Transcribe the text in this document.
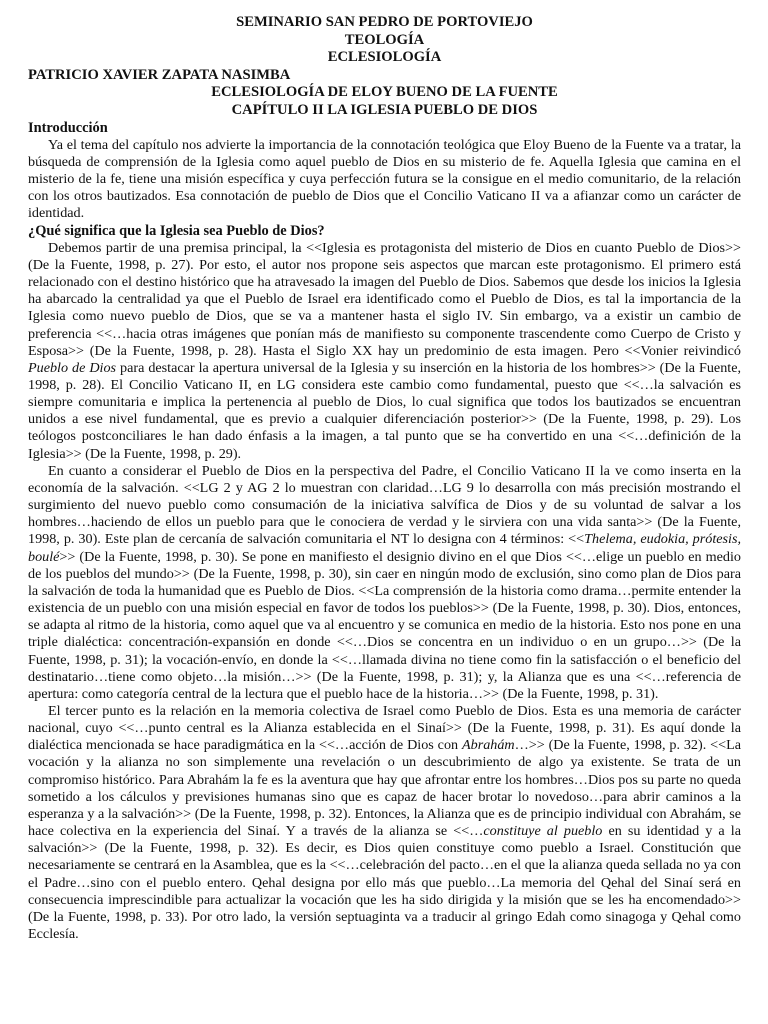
SEMINARIO SAN PEDRO DE PORTOVIEJO

TEOLOGÍA

ECLESIOLOGÍA

PATRICIO XAVIER ZAPATA NASIMBA

ECLESIOLOGÍA DE ELOY BUENO DE LA FUENTE

CAPÍTULO II LA IGLESIA PUEBLO DE DIOS

Introducción

Ya el tema del capítulo nos advierte la importancia de la connotación teológica que Eloy Bueno de la Fuente va a tratar, la búsqueda de comprensión de la Iglesia como aquel pueblo de Dios en su misterio de fe. Aquella Iglesia que camina en el misterio de la fe, tiene una misión específica y cuya perfección futura se la consigue en el medio comunitario, de la relación con los otros bautizados. Esa connotación de pueblo de Dios que el Concilio Vaticano II va a afianzar como un carácter de identidad.

¿Qué significa que la Iglesia sea Pueblo de Dios?

Debemos partir de una premisa principal, la <<Iglesia es protagonista del misterio de Dios en cuanto Pueblo de Dios>> (De la Fuente, 1998, p. 27). Por esto, el autor nos propone seis aspectos que marcan este protagonismo. El primero está relacionado con el destino histórico que ha atravesado la imagen del Pueblo de Dios. Sabemos que desde los inicios la Iglesia ha abarcado la centralidad ya que el Pueblo de Israel era identificado como el Pueblo de Dios, es tal la importancia de la Iglesia como nuevo pueblo de Dios, que se va a mantener hasta el siglo IV. Sin embargo, va a existir un cambio de preferencia <<…hacia otras imágenes que ponían más de manifiesto su componente trascendente como Cuerpo de Cristo y Esposa>> (De la Fuente, 1998, p. 28). Hasta el Siglo XX hay un predominio de esta imagen. Pero <<Vonier reivindicó Pueblo de Dios para destacar la apertura universal de la Iglesia y su inserción en la historia de los hombres>> (De la Fuente, 1998, p. 28). El Concilio Vaticano II, en LG considera este cambio como fundamental, puesto que <<…la salvación es siempre comunitaria e implica la pertenencia al pueblo de Dios, lo cual significa que todos los bautizados se encuentran unidos a ese nivel fundamental, que es previo a cualquier diferenciación posterior>> (De la Fuente, 1998, p. 29). Los teólogos postconciliares le han dado énfasis a la imagen, a tal punto que se ha convertido en una <<…definición de la Iglesia>> (De la Fuente, 1998, p. 29).

En cuanto a considerar el Pueblo de Dios en la perspectiva del Padre, el Concilio Vaticano II la ve como inserta en la economía de la salvación. <<LG 2 y AG 2 lo muestran con claridad…LG 9 lo desarrolla con más precisión mostrando el surgimiento del nuevo pueblo como consumación de la iniciativa salvífica de Dios y de su voluntad de salvar a los hombres…haciendo de ellos un pueblo para que le conociera de verdad y le sirviera con una vida santa>> (De la Fuente, 1998, p. 30). Este plan de cercanía de salvación comunitaria el NT lo designa con 4 términos: <<Thelema, eudokia, prótesis, boulé>> (De la Fuente, 1998, p. 30). Se pone en manifiesto el designio divino en el que Dios <<…elige un pueblo en medio de los pueblos del mundo>> (De la Fuente, 1998, p. 30), sin caer en ningún modo de exclusión, sino como plan de Dios para la salvación de toda la humanidad que es Pueblo de Dios. <<La comprensión de la historia como drama…permite entender la existencia de un pueblo con una misión especial en favor de todos los pueblos>> (De la Fuente, 1998, p. 30). Dios, entonces, se adapta al ritmo de la historia, como aquel que va al encuentro y se comunica en medio de la historia. Esto nos pone en una triple dialéctica: concentración-expansión en donde <<…Dios se concentra en un individuo o en un grupo…>> (De la Fuente, 1998, p. 31); la vocación-envío, en donde la <<…llamada divina no tiene como fin la satisfacción o el beneficio del destinatario…tiene como objeto…la misión…>> (De la Fuente, 1998, p. 31); y, la Alianza que es una <<…referencia de apertura: como categoría central de la lectura que el pueblo hace de la historia…>> (De la Fuente, 1998, p. 31).

El tercer punto es la relación en la memoria colectiva de Israel como Pueblo de Dios. Esta es una memoria de carácter nacional, cuyo <<…punto central es la Alianza establecida en el Sinaí>> (De la Fuente, 1998, p. 31). Es aquí donde la dialéctica mencionada se hace paradigmática en la <<…acción de Dios con Abrahám…>> (De la Fuente, 1998, p. 32). <<La vocación y la alianza no son simplemente una revelación o un descubrimiento de algo ya existente. Se trata de un compromiso histórico. Para Abrahám la fe es la aventura que hay que afrontar entre los hombres…Dios pos su parte no queda sometido a los cálculos y previsiones humanas sino que es capaz de hacer brotar lo novedoso…para abrir caminos a la esperanza y a la salvación>> (De la Fuente, 1998, p. 32). Entonces, la Alianza que es de principio individual con Abrahám, se hace colectiva en la experiencia del Sinaí. Y a través de la alianza se <<…constituye al pueblo en su identidad y a la salvación>> (De la Fuente, 1998, p. 32). Es decir, es Dios quien constituye como pueblo a Israel. Constitución que necesariamente se centrará en la Asamblea, que es la <<…celebración del pacto…en el que la alianza queda sellada no ya con el Padre…sino con el pueblo entero. Qehal designa por ello más que pueblo…La memoria del Qehal del Sinaí será en consecuencia imprescindible para actualizar la vocación que les ha sido dirigida y la misión que se les ha encomendado>> (De la Fuente, 1998, p. 33). Por otro lado, la versión septuaginta va a traducir al gringo Edah como sinagoga y Qehal como Ecclesía.
